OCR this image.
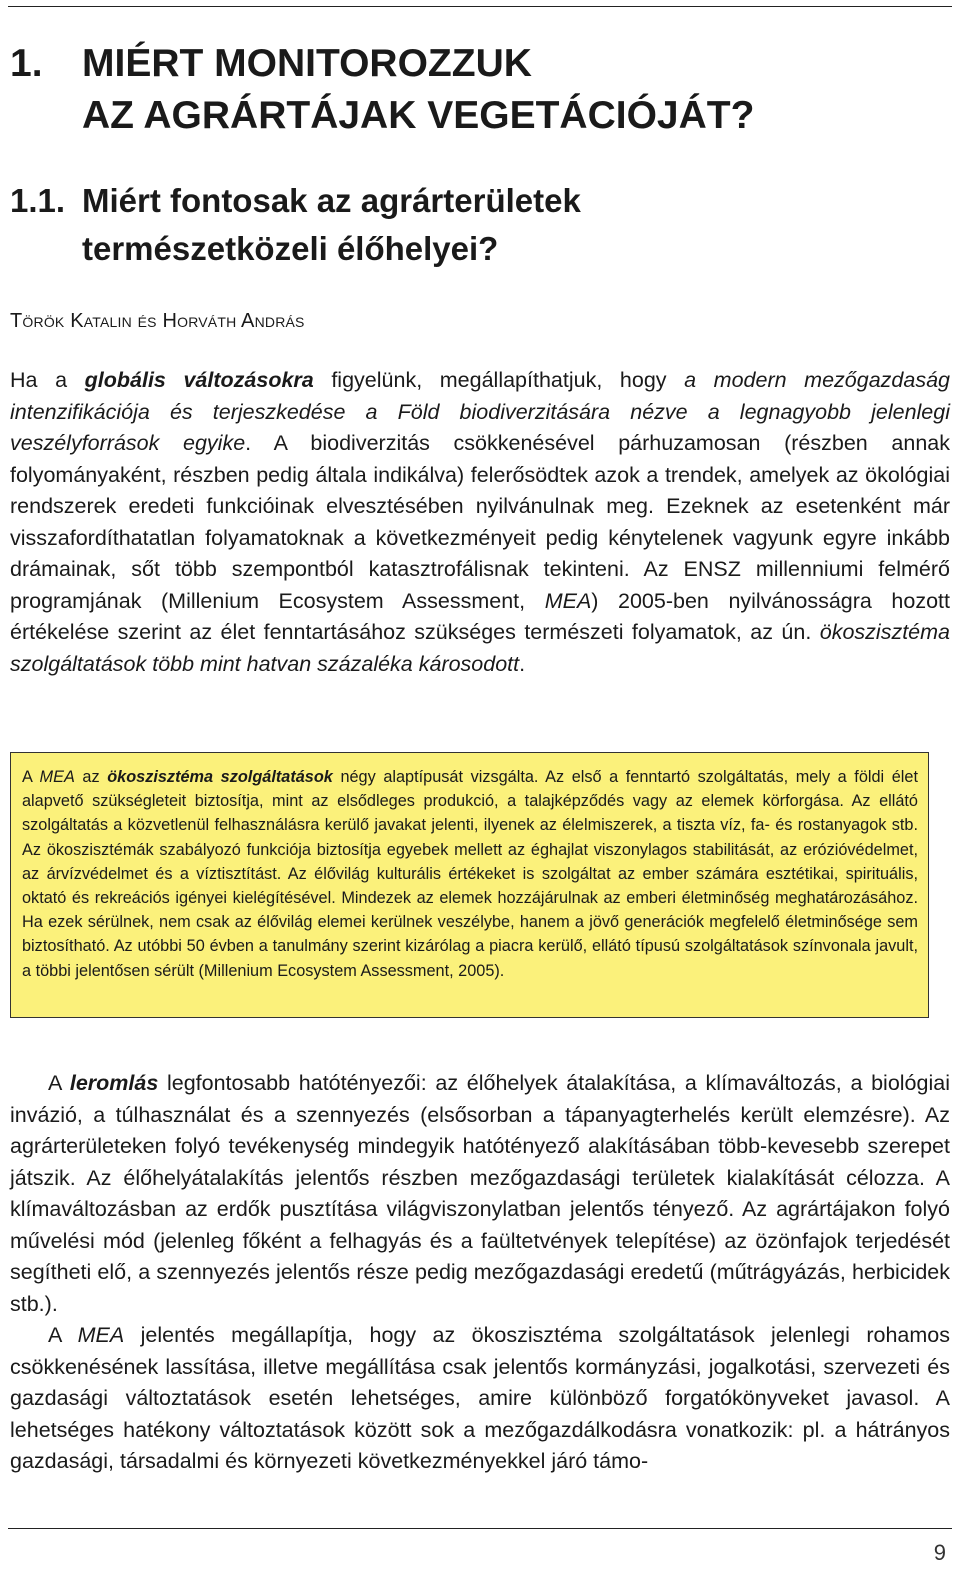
1. MIÉRT MONITOROZZUK
AZ AGRÁRTÁJAK VEGETÁCIÓJÁT?
1.1. Miért fontosak az agrárterületek
természetközeli élőhelyei?
Török Katalin és Horváth András

Ha a globális változásokra figyelünk, megállapíthatjuk, hogy a modern mezőgazdaság intenzifikációja és terjeszkedése a Föld biodiverzitására nézve a legnagyobb jelenlegi veszélyforrások egyike. A biodiverzitás csökkenésével párhuzamosan (részben annak folyományaként, részben pedig általa indikálva) felerősödtek azok a trendek, amelyek az ökológiai rendszerek eredeti funkcióinak elvesztésében nyilvánulnak meg. Ezeknek az esetenként már visszafordíthatatlan folyamatoknak a következményeit pedig kénytelenek vagyunk egyre inkább drámainak, sőt több szempontból katasztrofálisnak tekinteni. Az ENSZ millenniumi felmérő programjának (Millenium Ecosystem Assessment, MEA) 2005-ben nyilvánosságra hozott értékelése szerint az élet fenntartásához szükséges természeti folyamatok, az ún. ökoszisztéma szolgáltatások több mint hatvan százaléka károsodott.

A MEA az ökoszisztéma szolgáltatások négy alaptípusát vizsgálta. Az első a fenntartó szolgáltatás, mely a földi élet alapvető szükségleteit biztosítja, mint az elsődleges produkció, a talajképződés vagy az elemek körforgása. Az ellátó szolgáltatás a közvetlenül felhasználásra kerülő javakat jelenti, ilyenek az élelmiszerek, a tiszta víz, fa- és rostanyagok stb. Az ökoszisztémák szabályozó funkciója biztosítja egyebek mellett az éghajlat viszonylagos stabilitását, az erózióvédelmet, az árvízvédelmet és a víztisztítást. Az élővilág kulturális értékeket is szolgáltat az ember számára esztétikai, spirituális, oktató és rekreációs igényei kielégítésével. Mindezek az elemek hozzájárulnak az emberi életminőség meghatározásához. Ha ezek sérülnek, nem csak az élővilág elemei kerülnek veszélybe, hanem a jövő generációk megfelelő életminősége sem biztosítható. Az utóbbi 50 évben a tanulmány szerint kizárólag a piacra kerülő, ellátó típusú szolgáltatások színvonala javult, a többi jelentősen sérült (Millenium Ecosystem Assessment, 2005).

A leromlás legfontosabb hatótényezői: az élőhelyek átalakítása, a klímaváltozás, a biológiai invázió, a túlhasználat és a szennyezés (elsősorban a tápanyagterhelés került elemzésre). Az agrárterületeken folyó tevékenység mindegyik hatótényező alakításában több-kevesebb szerepet játszik. Az élőhelyátalakítás jelentős részben mezőgazdasági területek kialakítását célozza. A klímaváltozásban az erdők pusztítása világviszonylatban jelentős tényező. Az agrártájakon folyó művelési mód (jelenleg főként a felhagyás és a faültetvények telepítése) az özönfajok terjedését segítheti elő, a szennyezés jelentős része pedig mezőgazdasági eredetű (műtrágyázás, herbicidek stb.).

A MEA jelentés megállapítja, hogy az ökoszisztéma szolgáltatások jelenlegi rohamos csökkenésének lassítása, illetve megállítása csak jelentős kormányzási, jogalkotási, szervezeti és gazdasági változtatások esetén lehetséges, amire különböző forgatókönyveket javasol. A lehetséges hatékony változtatások között sok a mezőgazdálkodásra vonatkozik: pl. a hátrányos gazdasági, társadalmi és környezeti következményekkel járó támo-

9
